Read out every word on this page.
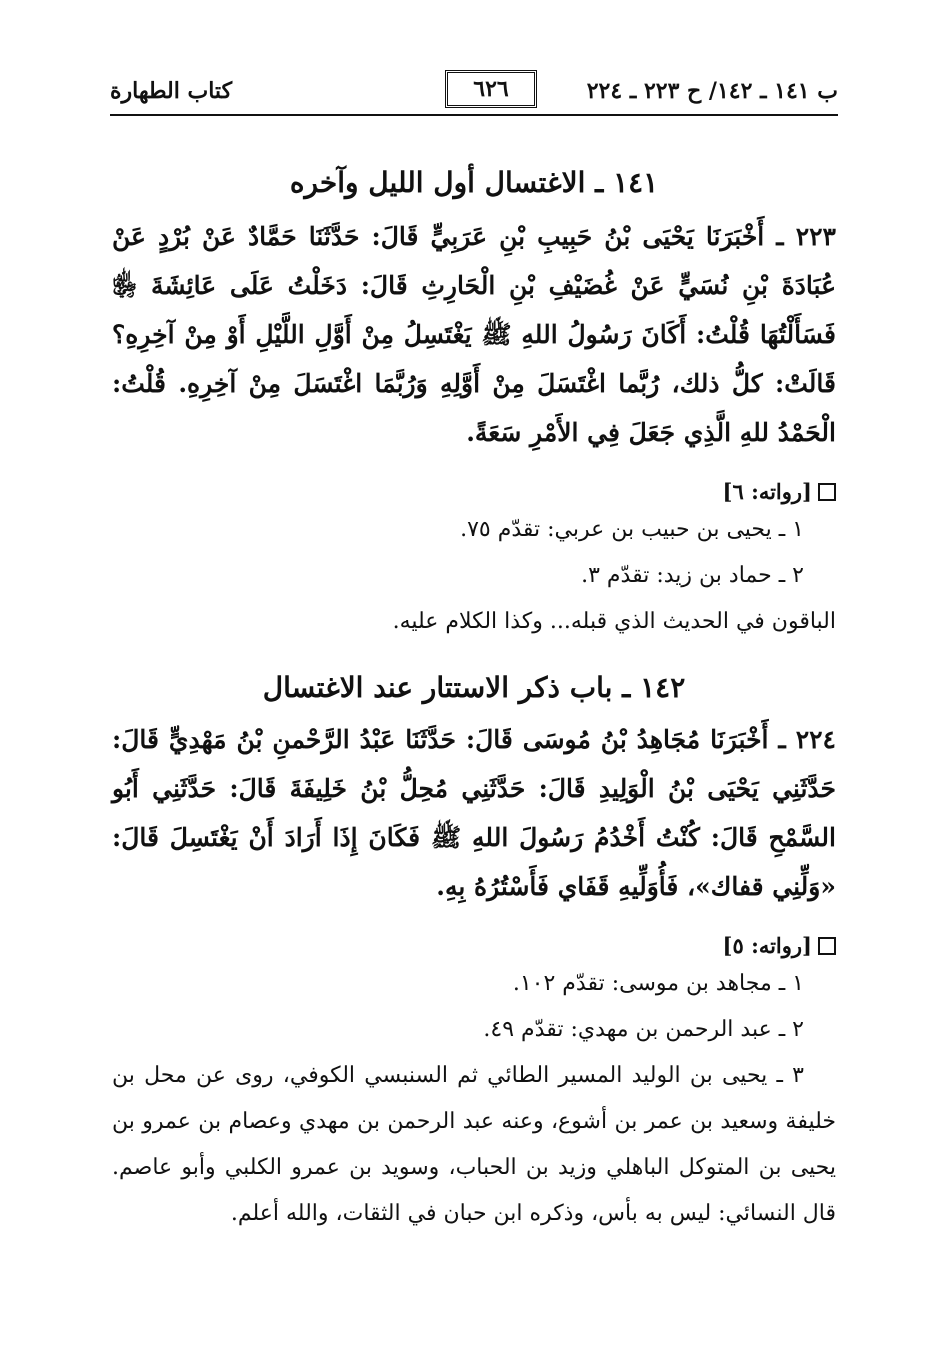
ب ١٤١ ـ ١٤٢/ ح ٢٢٣ ـ ٢٢٤
٦٢٦
كتاب الطهارة
١٤١ ـ الاغتسال أول الليل وآخره

٢٢٣ ـ أَخْبَرَنَا يَحْيَى بْنُ حَبِيبِ بْنِ عَرَبِيٍّ قَالَ: حَدَّثَنَا حَمَّادٌ عَنْ بُرْدٍ عَنْ عُبَادَةَ بْنِ نُسَيٍّ عَنْ غُضَيْفِ بْنِ الْحَارِثِ قَالَ: دَخَلْتُ عَلَى عَائِشَةَ ﵂ فَسَأَلْتُهَا قُلْتُ: أَكَانَ رَسُولُ اللهِ ﷺ يَغْتَسِلُ مِنْ أَوَّلِ اللَّيْلِ أَوْ مِنْ آخِرِهِ؟ قَالَتْ: كلُّ ذلك، رُبَّما اغْتَسَلَ مِنْ أَوَّلِهِ وَرُبَّمَا اغْتَسَلَ مِنْ آخِرِهِ. قُلْتُ: الْحَمْدُ للهِ الَّذِي جَعَلَ فِي الأَمْرِ سَعَةً.

[رواته: ٦]

١ ـ يحيى بن حبيب بن عربي: تقدّم ٧٥.

٢ ـ حماد بن زيد: تقدّم ٣.

الباقون في الحديث الذي قبله... وكذا الكلام عليه.

١٤٢ ـ باب ذكر الاستتار عند الاغتسال

٢٢٤ ـ أَخْبَرَنَا مُجَاهِدُ بْنُ مُوسَى قَالَ: حَدَّثَنَا عَبْدُ الرَّحْمنِ بْنُ مَهْدِيٍّ قَالَ: حَدَّثَنِي يَحْيَى بْنُ الْوَلِيدِ قَالَ: حَدَّثَنِي مُحِلُّ بْنُ خَلِيفَةَ قَالَ: حَدَّثَنِي أَبُو السَّمْحِ قَالَ: كُنْتُ أَخْدُمُ رَسُولَ اللهِ ﷺ فَكَانَ إِذَا أَرَادَ أَنْ يَغْتَسِلَ قَالَ: «وَلِّنِي قفاك»، فَأُوَلِّيهِ قَفَاي فَأَسْتُرُهُ بِهِ.

[رواته: ٥]

١ ـ مجاهد بن موسى: تقدّم ١٠٢.

٢ ـ عبد الرحمن بن مهدي: تقدّم ٤٩.

٣ ـ يحيى بن الوليد المسير الطائي ثم السنبسي الكوفي، روى عن محل بن خليفة وسعيد بن عمر بن أشوع، وعنه عبد الرحمن بن مهدي وعصام بن عمرو بن يحيى بن المتوكل الباهلي وزيد بن الحباب، وسويد بن عمرو الكلبي وأبو عاصم. قال النسائي: ليس به بأس، وذكره ابن حبان في الثقات، والله أعلم.
